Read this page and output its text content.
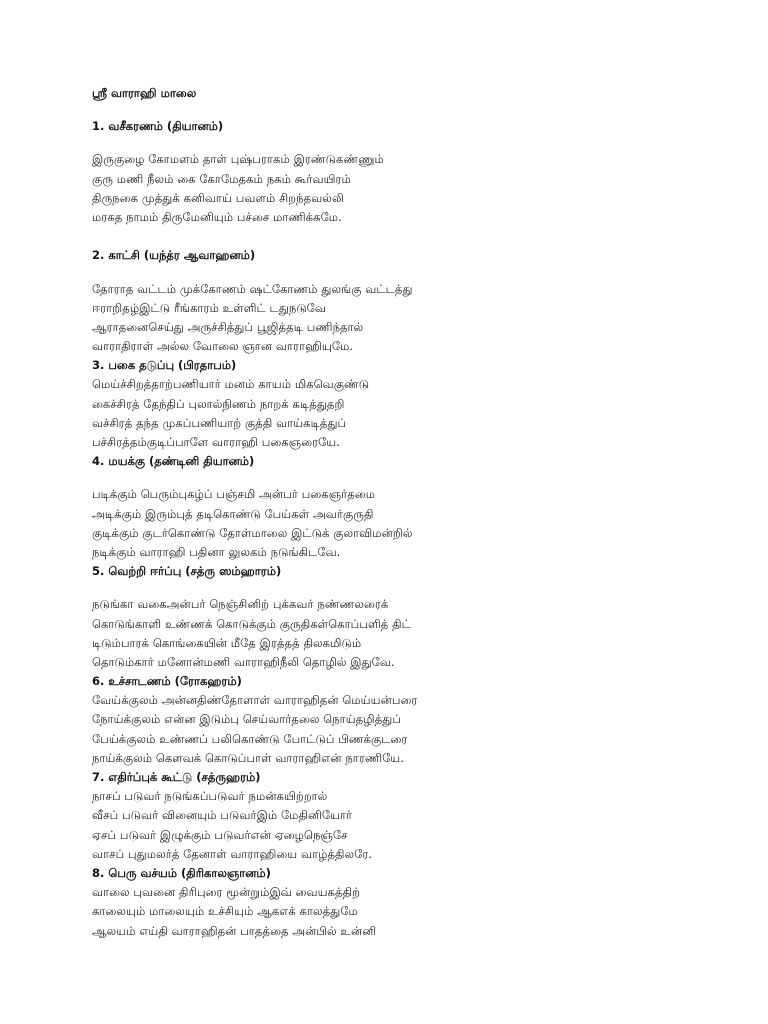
ஸ்ரீ வாராஹி மாலை
1. வசீகரணம் (தியானம்)
இருகுழை கோமளம் தாள் புஷ்பராகம் இரண்டுகண்ணும்
குரு மணி நீலம் கை கோமேதகம் நகம் கூர்வயிரம்
திருநகை முத்துக் கனிவாய் பவளம் சிறந்தவல்லி
மரகத நாமம் திருமேனியும் பச்சை மாணிக்கமே.
2. காட்சி (யந்த்ர ஆவாஹனம்)
தோராத வட்டம் முக்கோணம் ஷட்கோணம் துலங்கு வட்டத்து
ஈராறிதழ்இட்டு ரீங்காரம் உள்ளிட் டதுநடுவே
ஆராதனைசெய்து அருச்சித்துப் பூஜித்தடி பணிந்தால்
வாராதிராள் அல்ல வோலை ஞான வாராஹியுமே.
3. பகை தடுப்பு (பிரதாபம்)
மெய்ச்சிறத்தாற்பணியார் மனம் காயம் மிகவெகுண்டு
கைச்சிரத் தேந்திப் புலால்நிணம் நாறக் கடித்துதறி
வச்சிரத் தந்த முகப்பணியாற் குத்தி வாய்கடித்துப்
பச்சிரத்தம்குடிப்பாளே வாராஹி பகைஞரையே.
4. மயக்கு (தண்டினி தியானம்)
படிக்கும் பெரும்புகழ்ப் பஞ்சமி அன்பர் பகைஞர்தமை
அடிக்கும் இரும்புத் தடிகொண்டு பேய்கள் அவர்குருதி
குடிக்கும் குடர்கொண்டு தோள்மாலை இட்டுக் குலாவிமன்றில்
நடிக்கும் வாராஹி பதினா லுலகம் நடுங்கிடவே.
5. வெற்றி ஈர்ப்பு (சத்ரு ஸம்ஹாரம்)
நடுங்கா வகைஅன்பர் நெஞ்சினிற் புக்கவர் நண்ணலரைக்
கொடுங்காளி உண்ணக் கொடுக்கும் குருதிகள்கொப்பளித் திட்
டிடும்பாரக் கொங்கையின் மீதே இரத்தத் திலகமிடும்
தொடும்கார் மனோன்மணி வாராஹிநீலி தொழில் இதுவே.
6. உச்சாடணம் (ரோகஹரம்)
வேய்க்குலம் அன்னதிண்தோளாள் வாராஹிதன் மெய்யன்பரை
நோய்க்குலம் என்ன இடும்பு செய்வார்தலை நொய்தழித்துப்
பேய்க்குலம் உண்ணப் பலிகொண்டு போட்டுப் பிணக்குடரை
நாய்க்குலம் கௌவக் கொடுப்பாள் வாராஹிஎன் நாரணியே.
7. எதிர்ப்புக் கூட்டு (சத்ருஹரம்)
நாசப் படுவர் நடுங்கப்படுவர் நமன்கயிற்றால்
வீசப் படுவர் வினையும் படுவர்இம் மேதினியோர்
ஏசப் படுவர் இழுக்கும் படுவர்என் ஏழைநெஞ்சே
வாசப் புதுமலர்த் தேனாள் வாராஹியை வாழ்த்திலரே.
8. பெரு வச்யம் (திரிகாலஞானம்)
வாலை புவனை திரிபுரை மூன்றும்இவ் வையகத்திற்
காலையும் மாலையும் உச்சியும் ஆகஎக் காலத்துமே
ஆலயம் எய்தி வாராஹிதன் பாதத்தை அன்பில் உன்னி
